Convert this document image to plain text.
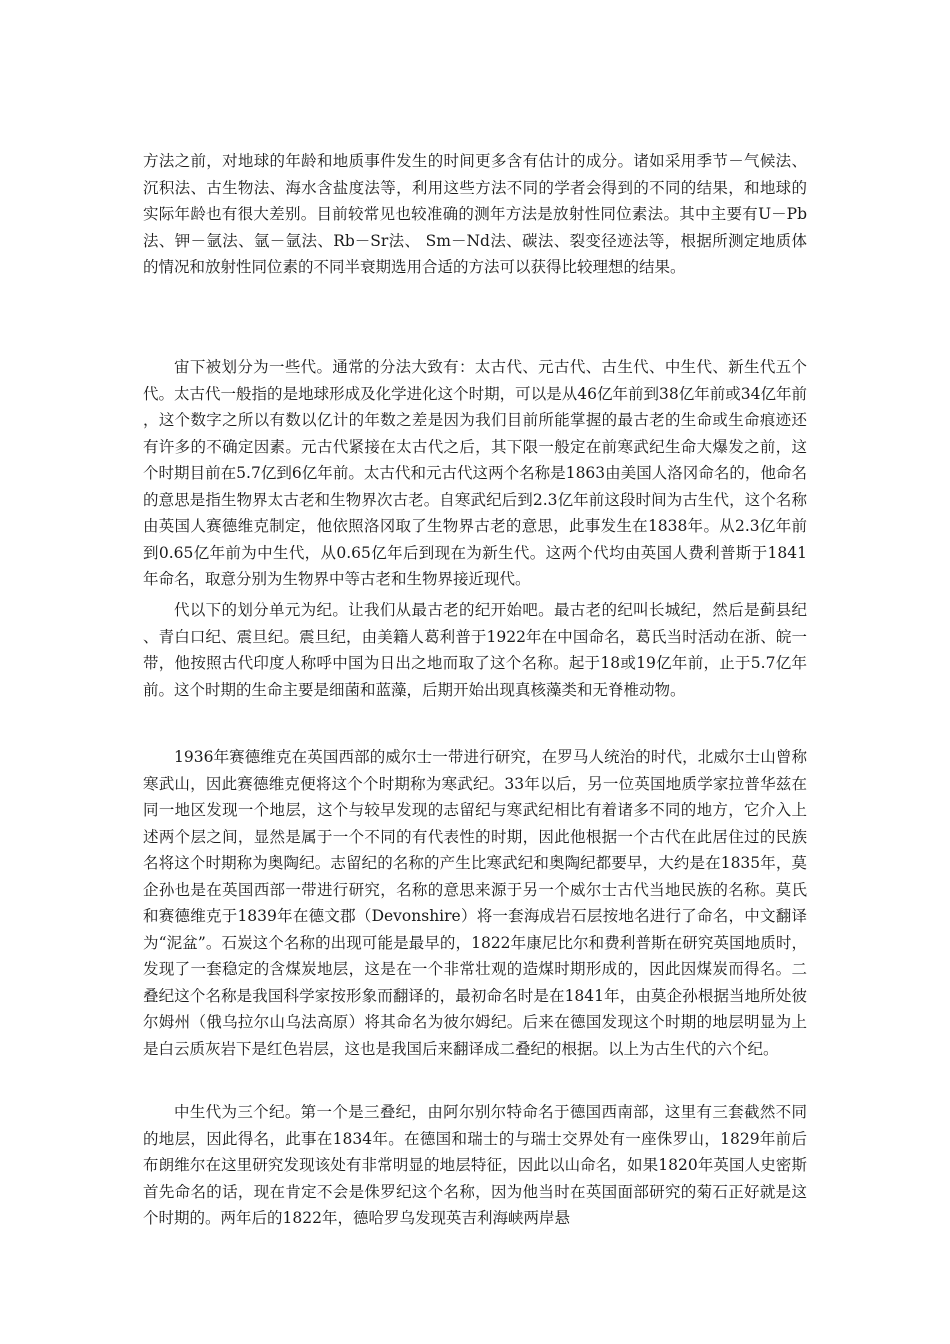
方法之前，对地球的年龄和地质事件发生的时间更多含有估计的成分。诸如采用季节－气候法、沉积法、古生物法、海水含盐度法等，利用这些方法不同的学者会得到的不同的结果，和地球的实际年龄也有很大差别。目前较常见也较准确的测年方法是放射性同位素法。其中主要有U－Pb法、钾－氩法、氩－氩法、Rb－Sr法、 Sm－Nd法、碳法、裂变径迹法等，根据所测定地质体的情况和放射性同位素的不同半衰期选用合适的方法可以获得比较理想的结果。

宙下被划分为一些代。通常的分法大致有：太古代、元古代、古生代、中生代、新生代五个代。太古代一般指的是地球形成及化学进化这个时期，可以是从46亿年前到38亿年前或34亿年前，这个数字之所以有数以亿计的年数之差是因为我们目前所能掌握的最古老的生命或生命痕迹还有许多的不确定因素。元古代紧接在太古代之后，其下限一般定在前寒武纪生命大爆发之前，这个时期目前在5.7亿到6亿年前。太古代和元古代这两个名称是1863由美国人洛冈命名的，他命名的意思是指生物界太古老和生物界次古老。自寒武纪后到2.3亿年前这段时间为古生代，这个名称由英国人赛德维克制定，他依照洛冈取了生物界古老的意思，此事发生在1838年。从2.3亿年前到0.65亿年前为中生代，从0.65亿年后到现在为新生代。这两个代均由英国人费利普斯于1841年命名，取意分别为生物界中等古老和生物界接近现代。

代以下的划分单元为纪。让我们从最古老的纪开始吧。最古老的纪叫长城纪，然后是蓟县纪、青白口纪、震旦纪。震旦纪，由美籍人葛利普于1922年在中国命名，葛氏当时活动在浙、皖一带，他按照古代印度人称呼中国为日出之地而取了这个名称。起于18或19亿年前，止于5.7亿年前。这个时期的生命主要是细菌和蓝藻，后期开始出现真核藻类和无脊椎动物。

1936年赛德维克在英国西部的威尔士一带进行研究，在罗马人统治的时代，北威尔士山曾称寒武山，因此赛德维克便将这个个时期称为寒武纪。33年以后，另一位英国地质学家拉普华兹在同一地区发现一个地层，这个与较早发现的志留纪与寒武纪相比有着诸多不同的地方，它介入上述两个层之间，显然是属于一个不同的有代表性的时期，因此他根据一个古代在此居住过的民族名将这个时期称为奥陶纪。志留纪的名称的产生比寒武纪和奥陶纪都要早，大约是在1835年，莫企孙也是在英国西部一带进行研究，名称的意思来源于另一个威尔士古代当地民族的名称。莫氏和赛德维克于1839年在德文郡（Devonshire）将一套海成岩石层按地名进行了命名，中文翻译为“泥盆”。石炭这个名称的出现可能是最早的，1822年康尼比尔和费利普斯在研究英国地质时，发现了一套稳定的含煤炭地层，这是在一个非常壮观的造煤时期形成的，因此因煤炭而得名。二叠纪这个名称是我国科学家按形象而翻译的，最初命名时是在1841年，由莫企孙根据当地所处彼尔姆州（俄乌拉尔山乌法高原）将其命名为彼尔姆纪。后来在德国发现这个时期的地层明显为上是白云质灰岩下是红色岩层，这也是我国后来翻译成二叠纪的根据。以上为古生代的六个纪。

中生代为三个纪。第一个是三叠纪，由阿尔别尔特命名于德国西南部，这里有三套截然不同的地层，因此得名，此事在1834年。在德国和瑞士的与瑞士交界处有一座侏罗山，1829年前后布朗维尔在这里研究发现该处有非常明显的地层特征，因此以山命名，如果1820年英国人史密斯首先命名的话，现在肯定不会是侏罗纪这个名称，因为他当时在英国面部研究的菊石正好就是这个时期的。两年后的1822年，德哈罗乌发现英吉利海峡两岸悬
